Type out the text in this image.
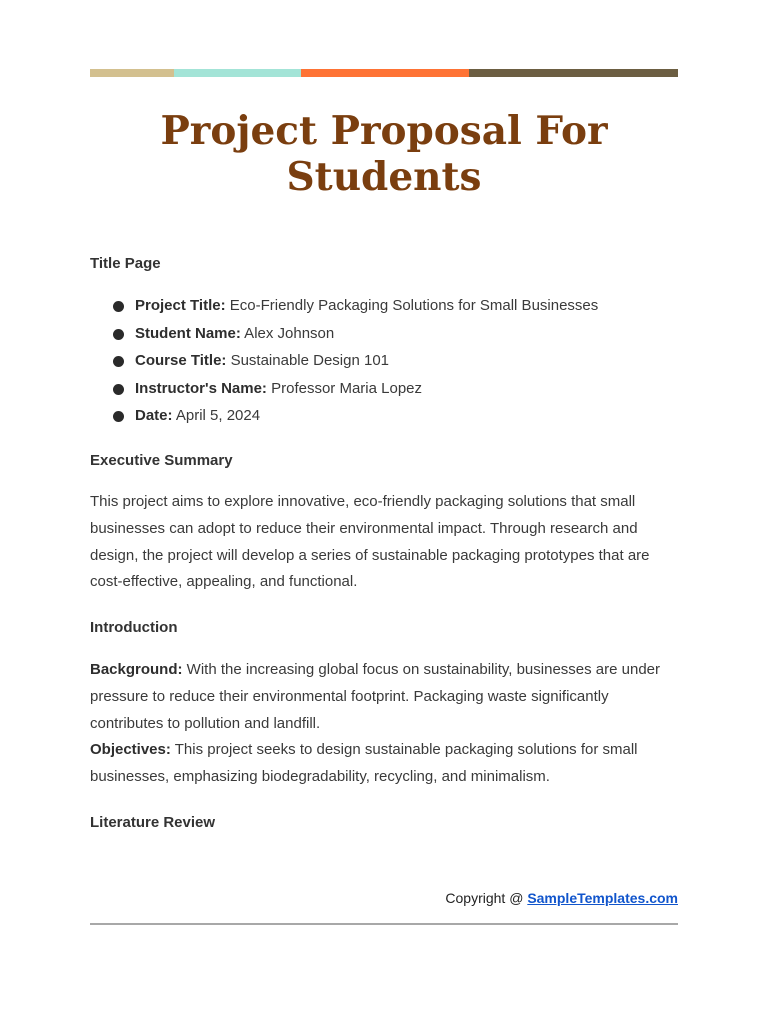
Project Proposal For Students
Title Page
Project Title: Eco-Friendly Packaging Solutions for Small Businesses
Student Name: Alex Johnson
Course Title: Sustainable Design 101
Instructor's Name: Professor Maria Lopez
Date: April 5, 2024
Executive Summary

This project aims to explore innovative, eco-friendly packaging solutions that small businesses can adopt to reduce their environmental impact. Through research and design, the project will develop a series of sustainable packaging prototypes that are cost-effective, appealing, and functional.

Introduction

Background: With the increasing global focus on sustainability, businesses are under pressure to reduce their environmental footprint. Packaging waste significantly contributes to pollution and landfill.

Objectives: This project seeks to design sustainable packaging solutions for small businesses, emphasizing biodegradability, recycling, and minimalism.

Literature Review
Copyright @ SampleTemplates.com
